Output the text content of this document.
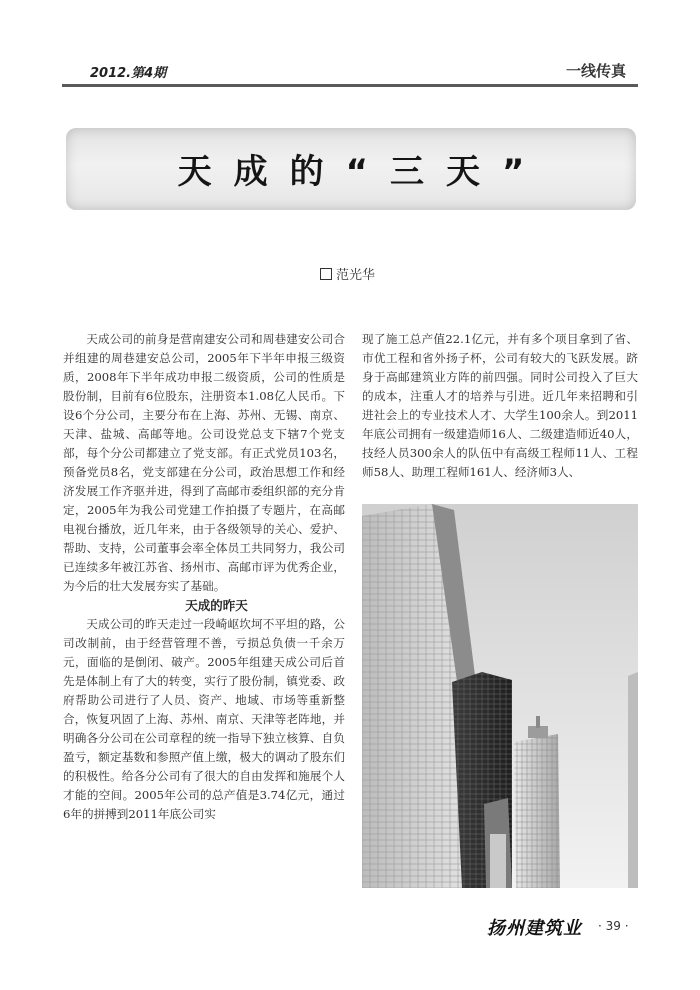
2012.第4期	一线传真
天成的“三天”
范光华

天成公司的前身是营南建安公司和周巷建安公司合并组建的周巷建安总公司，2005年下半年申报三级资质，2008年下半年成功申报二级资质，公司的性质是股份制，目前有6位股东，注册资本1.08亿人民币。下设6个分公司，主要分布在上海、苏州、无锡、南京、天津、盐城、高邮等地。公司设党总支下辖7个党支部，每个分公司都建立了党支部。有正式党员103名，预备党员8名，党支部建在分公司，政治思想工作和经济发展工作齐驱并进，得到了高邮市委组织部的充分肯定，2005年为我公司党建工作拍摄了专题片，在高邮电视台播放，近几年来，由于各级领导的关心、爱护、帮助、支持，公司董事会率全体员工共同努力，我公司已连续多年被江苏省、扬州市、高邮市评为优秀企业，为今后的壮大发展夯实了基础。

天成的昨天

天成公司的昨天走过一段崎岖坎坷不平坦的路，公司改制前，由于经营管理不善，亏损总负债一千余万元，面临的是倒闭、破产。2005年组建天成公司后首先是体制上有了大的转变，实行了股份制，镇党委、政府帮助公司进行了人员、资产、地域、市场等重新整合，恢复巩固了上海、苏州、南京、天津等老阵地，并明确各分公司在公司章程的统一指导下独立核算、自负盈亏，额定基数和参照产值上缴，极大的调动了股东们的积极性。给各分公司有了很大的自由发挥和施展个人才能的空间。2005年公司的总产值是3.74亿元，通过6年的拼搏到2011年底公司实

现了施工总产值22.1亿元，并有多个项目拿到了省、市优工程和省外扬子杯，公司有较大的飞跃发展。跻身于高邮建筑业方阵的前四强。同时公司投入了巨大的成本，注重人才的培养与引进。近几年来招聘和引进社会上的专业技术人才、大学生100余人。到2011年底公司拥有一级建造师16人、二级建造师近40人，技经人员300余人的队伍中有高级工程师11人、工程师58人、助理工程师161人、经济师3人、

扬州建筑业 · 39 ·
